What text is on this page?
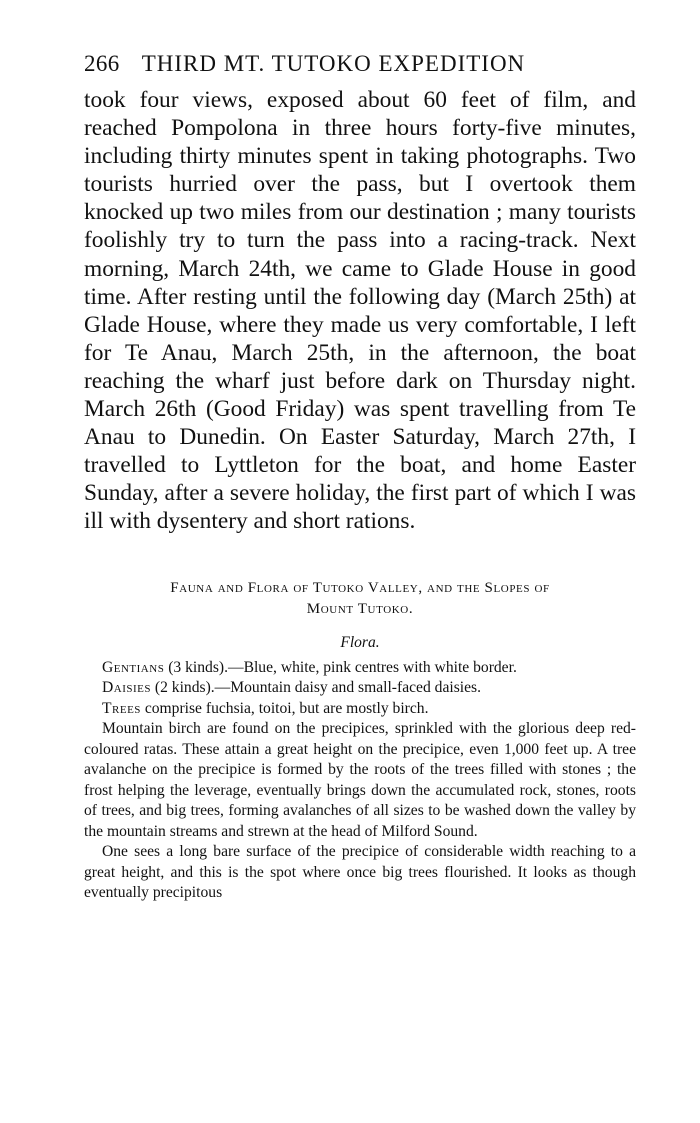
266 THIRD MT. TUTOKO EXPEDITION

took four views, exposed about 60 feet of film, and reached Pompolona in three hours forty-five minutes, including thirty minutes spent in taking photographs. Two tourists hurried over the pass, but I overtook them knocked up two miles from our destination ; many tourists foolishly try to turn the pass into a racing-track. Next morning, March 24th, we came to Glade House in good time. After resting until the following day (March 25th) at Glade House, where they made us very comfortable, I left for Te Anau, March 25th, in the afternoon, the boat reaching the wharf just before dark on Thursday night. March 26th (Good Friday) was spent travelling from Te Anau to Dunedin. On Easter Saturday, March 27th, I travelled to Lyttleton for the boat, and home Easter Sunday, after a severe holiday, the first part of which I was ill with dysentery and short rations.

Fauna and Flora of Tutoko Valley, and the Slopes of
Mount Tutoko.
Flora.

Gentians (3 kinds).—Blue, white, pink centres with white border.

Daisies (2 kinds).—Mountain daisy and small-faced daisies.

Trees comprise fuchsia, toitoi, but are mostly birch.

Mountain birch are found on the precipices, sprinkled with the glorious deep red-coloured ratas. These attain a great height on the precipice, even 1,000 feet up. A tree avalanche on the precipice is formed by the roots of the trees filled with stones ; the frost helping the leverage, eventually brings down the accumulated rock, stones, roots of trees, and big trees, forming avalanches of all sizes to be washed down the valley by the mountain streams and strewn at the head of Milford Sound.

One sees a long bare surface of the precipice of considerable width reaching to a great height, and this is the spot where once big trees flourished. It looks as though eventually precipitous
